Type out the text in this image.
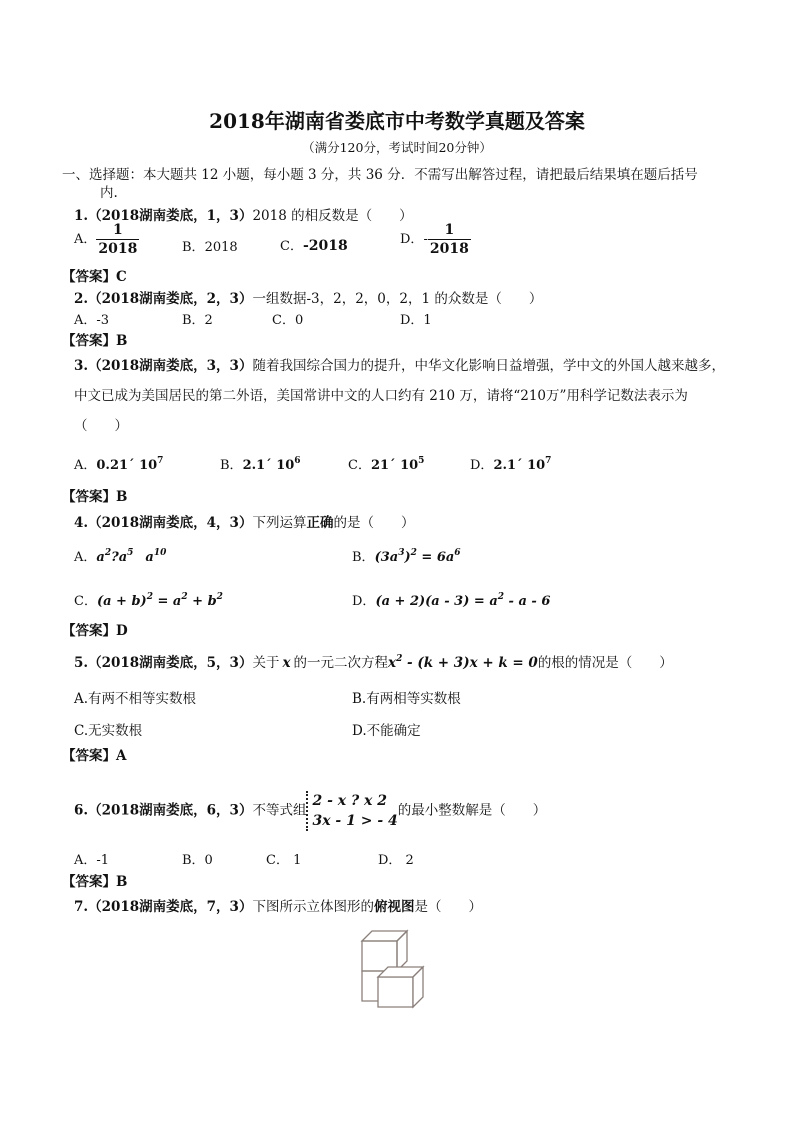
2018年湖南省娄底市中考数学真题及答案
（满分120分，考试时间20分钟）
一、选择题：本大题共 12 小题，每小题 3 分，共 36 分．不需写出解答过程，请把最后结果填在题后括号
内.
1.（2018湖南娄底，1，3）2018 的相反数是（　　）
A． $\frac{1}{2018}$	B．2018	C．-2018	D．- $\frac{1}{2018}$
【答案】C
2.（2018湖南娄底，2，3）一组数据-3，2，2，0，2，1 的众数是（　　）
A．-3	B．2	C．0	D．1
【答案】B
3.（2018湖南娄底，3，3）随着我国综合国力的提升，中华文化影响日益增强，学中文的外国人越来越多，
中文已成为美国居民的第二外语，美国常讲中文的人口约有 210 万，请将“210万”用科学记数法表示为
（　　）
A．0.21´ $10^7$	B．2.1´ $10^6$	C．21´ $10^5$	D．2.1´ $10^7$
【答案】B
4.（2018湖南娄底，4，3）下列运算正确的是（　　）
A．$a^2?a^5$ $a^{10}$	B．$(3a^3)^2 = 6a^6$
C．$(a + b)^2 = a^2 + b^2$	D．$(a + 2)(a - 3) = a^2 - a - 6$
【答案】D
5.（2018湖南娄底，5，3）关于 x 的一元二次方程$x^2 - (k + 3)x + k = 0$的根的情况是（　　）
A.有两不相等实数根	B.有两相等实数根
C.无实数根	D.不能确定
【答案】A
6.（2018湖南娄底，6，3）不等式组
2 - x ? x 2
3x - 1 > - 4
的最小整数解是（　　）
A．-1	B．0	C． 1	D． 2
【答案】B
7.（2018湖南娄底，7，3）下图所示立体图形的俯视图是（　　）
